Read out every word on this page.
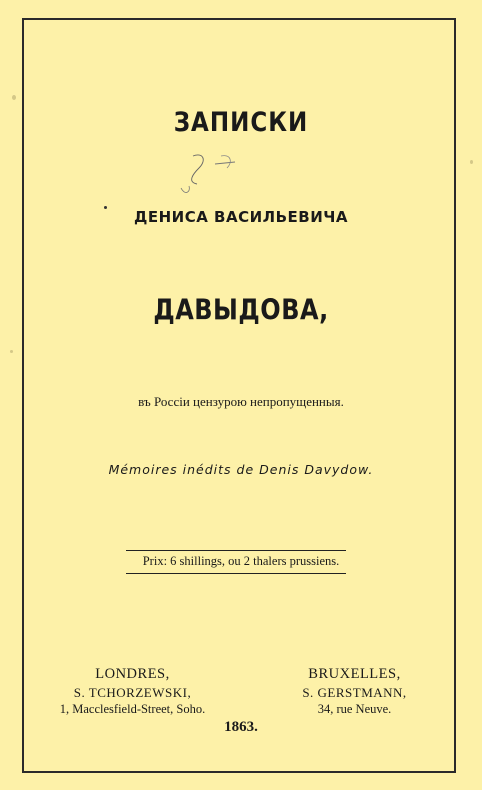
ЗАПИСКИ
ДЕНИСА ВАСИЛЬЕВИЧА
ДАВЫДОВА,
въ Россіи цензурою непропущенныя.
Mémoires inédits de Denis Davydow.
Prix: 6 shillings, ou 2 thalers prussiens.
LONDRES,
S. TCHORZEWSKI,
1, Macclesfield-Street, Soho.
BRUXELLES,
S. GERSTMANN,
34, rue Neuve.
1863.
